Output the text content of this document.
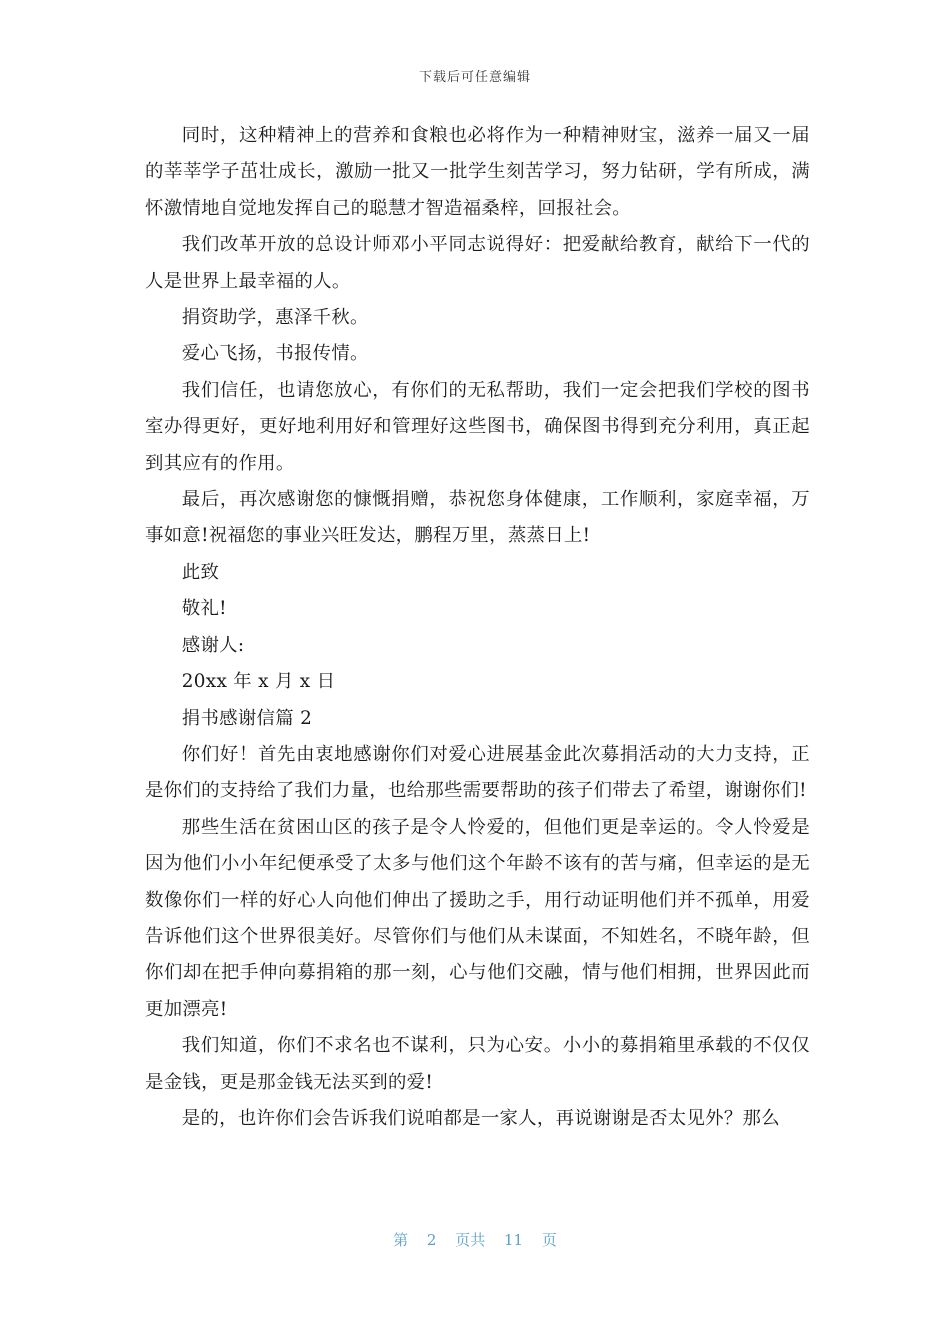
下载后可任意编辑

同时，这种精神上的营养和食粮也必将作为一种精神财宝，滋养一届又一届的莘莘学子茁壮成长，激励一批又一批学生刻苦学习，努力钻研，学有所成，满怀激情地自觉地发挥自己的聪慧才智造福桑梓，回报社会。

我们改革开放的总设计师邓小平同志说得好：把爱献给教育，献给下一代的人是世界上最幸福的人。

捐资助学，惠泽千秋。

爱心飞扬，书报传情。

我们信任，也请您放心，有你们的无私帮助，我们一定会把我们学校的图书室办得更好，更好地利用好和管理好这些图书，确保图书得到充分利用，真正起到其应有的作用。

最后，再次感谢您的慷慨捐赠，恭祝您身体健康，工作顺利，家庭幸福，万事如意!祝福您的事业兴旺发达，鹏程万里，蒸蒸日上!

此致

敬礼!

感谢人:

20xx 年 x 月 x 日

捐书感谢信篇 2

你们好！首先由衷地感谢你们对爱心进展基金此次募捐活动的大力支持，正是你们的支持给了我们力量，也给那些需要帮助的孩子们带去了希望，谢谢你们!

那些生活在贫困山区的孩子是令人怜爱的，但他们更是幸运的。令人怜爱是因为他们小小年纪便承受了太多与他们这个年龄不该有的苦与痛，但幸运的是无数像你们一样的好心人向他们伸出了援助之手，用行动证明他们并不孤单，用爱告诉他们这个世界很美好。尽管你们与他们从未谋面，不知姓名，不晓年龄，但你们却在把手伸向募捐箱的那一刻，心与他们交融，情与他们相拥，世界因此而更加漂亮!

我们知道，你们不求名也不谋利，只为心安。小小的募捐箱里承载的不仅仅是金钱，更是那金钱无法买到的爱!

是的，也许你们会告诉我们说咱都是一家人，再说谢谢是否太见外？那么

第 2 页共 11 页
